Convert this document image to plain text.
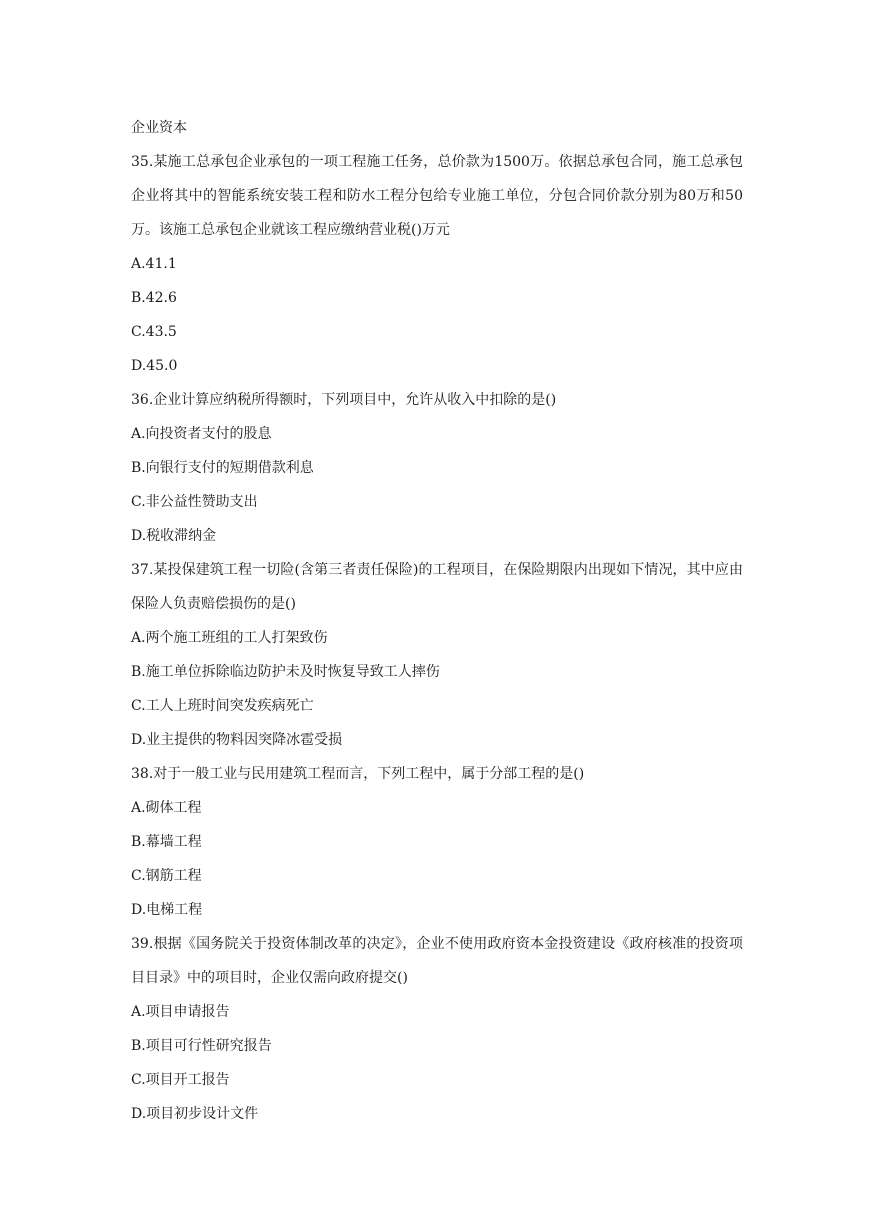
企业资本

35.某施工总承包企业承包的一项工程施工任务，总价款为1500万。依据总承包合同，施工总承包企业将其中的智能系统安装工程和防水工程分包给专业施工单位，分包合同价款分别为80万和50万。该施工总承包企业就该工程应缴纳营业税()万元

A.41.1

B.42.6

C.43.5

D.45.0

36.企业计算应纳税所得额时，下列项目中，允许从收入中扣除的是()

A.向投资者支付的股息

B.向银行支付的短期借款利息

C.非公益性赞助支出

D.税收滞纳金

37.某投保建筑工程一切险(含第三者责任保险)的工程项目，在保险期限内出现如下情况，其中应由保险人负责赔偿损伤的是()

A.两个施工班组的工人打架致伤

B.施工单位拆除临边防护未及时恢复导致工人摔伤

C.工人上班时间突发疾病死亡

D.业主提供的物料因突降冰雹受损

38.对于一般工业与民用建筑工程而言，下列工程中，属于分部工程的是()

A.砌体工程

B.幕墙工程

C.钢筋工程

D.电梯工程

39.根据《国务院关于投资体制改革的决定》，企业不使用政府资本金投资建设《政府核准的投资项目目录》中的项目时，企业仅需向政府提交()

A.项目申请报告

B.项目可行性研究报告

C.项目开工报告

D.项目初步设计文件
